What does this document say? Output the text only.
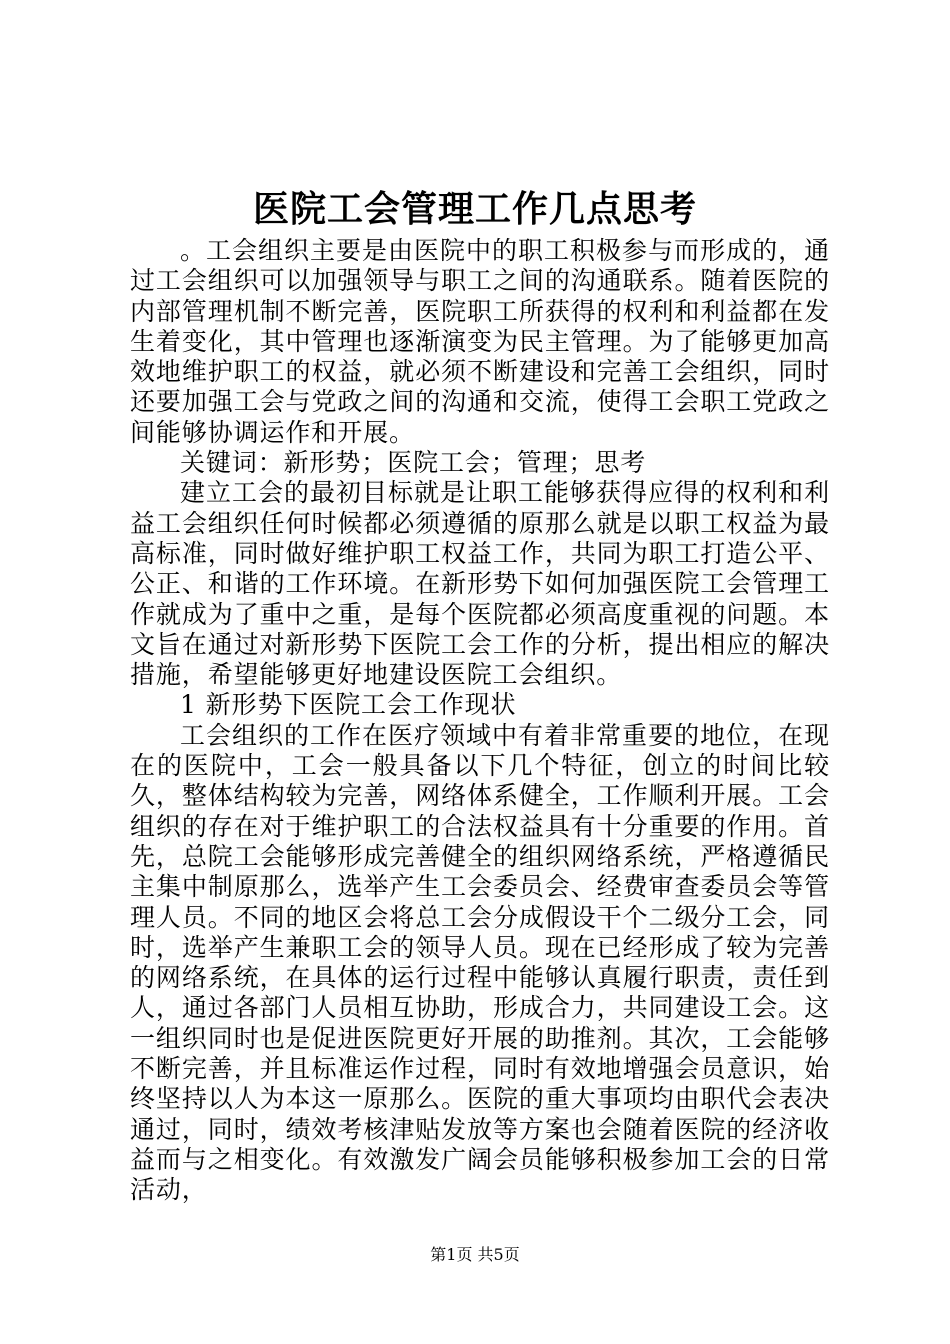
医院工会管理工作几点思考

。工会组织主要是由医院中的职工积极参与而形成的，通过工会组织可以加强领导与职工之间的沟通联系。随着医院的内部管理机制不断完善，医院职工所获得的权利和利益都在发生着变化，其中管理也逐渐演变为民主管理。为了能够更加高效地维护职工的权益，就必须不断建设和完善工会组织，同时还要加强工会与党政之间的沟通和交流，使得工会职工党政之间能够协调运作和开展。

关键词：新形势；医院工会；管理；思考

建立工会的最初目标就是让职工能够获得应得的权利和利益工会组织任何时候都必须遵循的原那么就是以职工权益为最高标准，同时做好维护职工权益工作，共同为职工打造公平、公正、和谐的工作环境。在新形势下如何加强医院工会管理工作就成为了重中之重，是每个医院都必须高度重视的问题。本文旨在通过对新形势下医院工会工作的分析，提出相应的解决措施，希望能够更好地建设医院工会组织。

1 新形势下医院工会工作现状

工会组织的工作在医疗领域中有着非常重要的地位，在现在的医院中，工会一般具备以下几个特征，创立的时间比较久，整体结构较为完善，网络体系健全，工作顺利开展。工会组织的存在对于维护职工的合法权益具有十分重要的作用。首先，总院工会能够形成完善健全的组织网络系统，严格遵循民主集中制原那么，选举产生工会委员会、经费审查委员会等管理人员。不同的地区会将总工会分成假设干个二级分工会，同时，选举产生兼职工会的领导人员。现在已经形成了较为完善的网络系统，在具体的运行过程中能够认真履行职责，责任到人，通过各部门人员相互协助，形成合力，共同建设工会。这一组织同时也是促进医院更好开展的助推剂。其次，工会能够不断完善，并且标准运作过程，同时有效地增强会员意识，始终坚持以人为本这一原那么。医院的重大事项均由职代会表决通过，同时，绩效考核津贴发放等方案也会随着医院的经济收益而与之相变化。有效激发广阔会员能够积极参加工会的日常活动，

第1页 共5页
